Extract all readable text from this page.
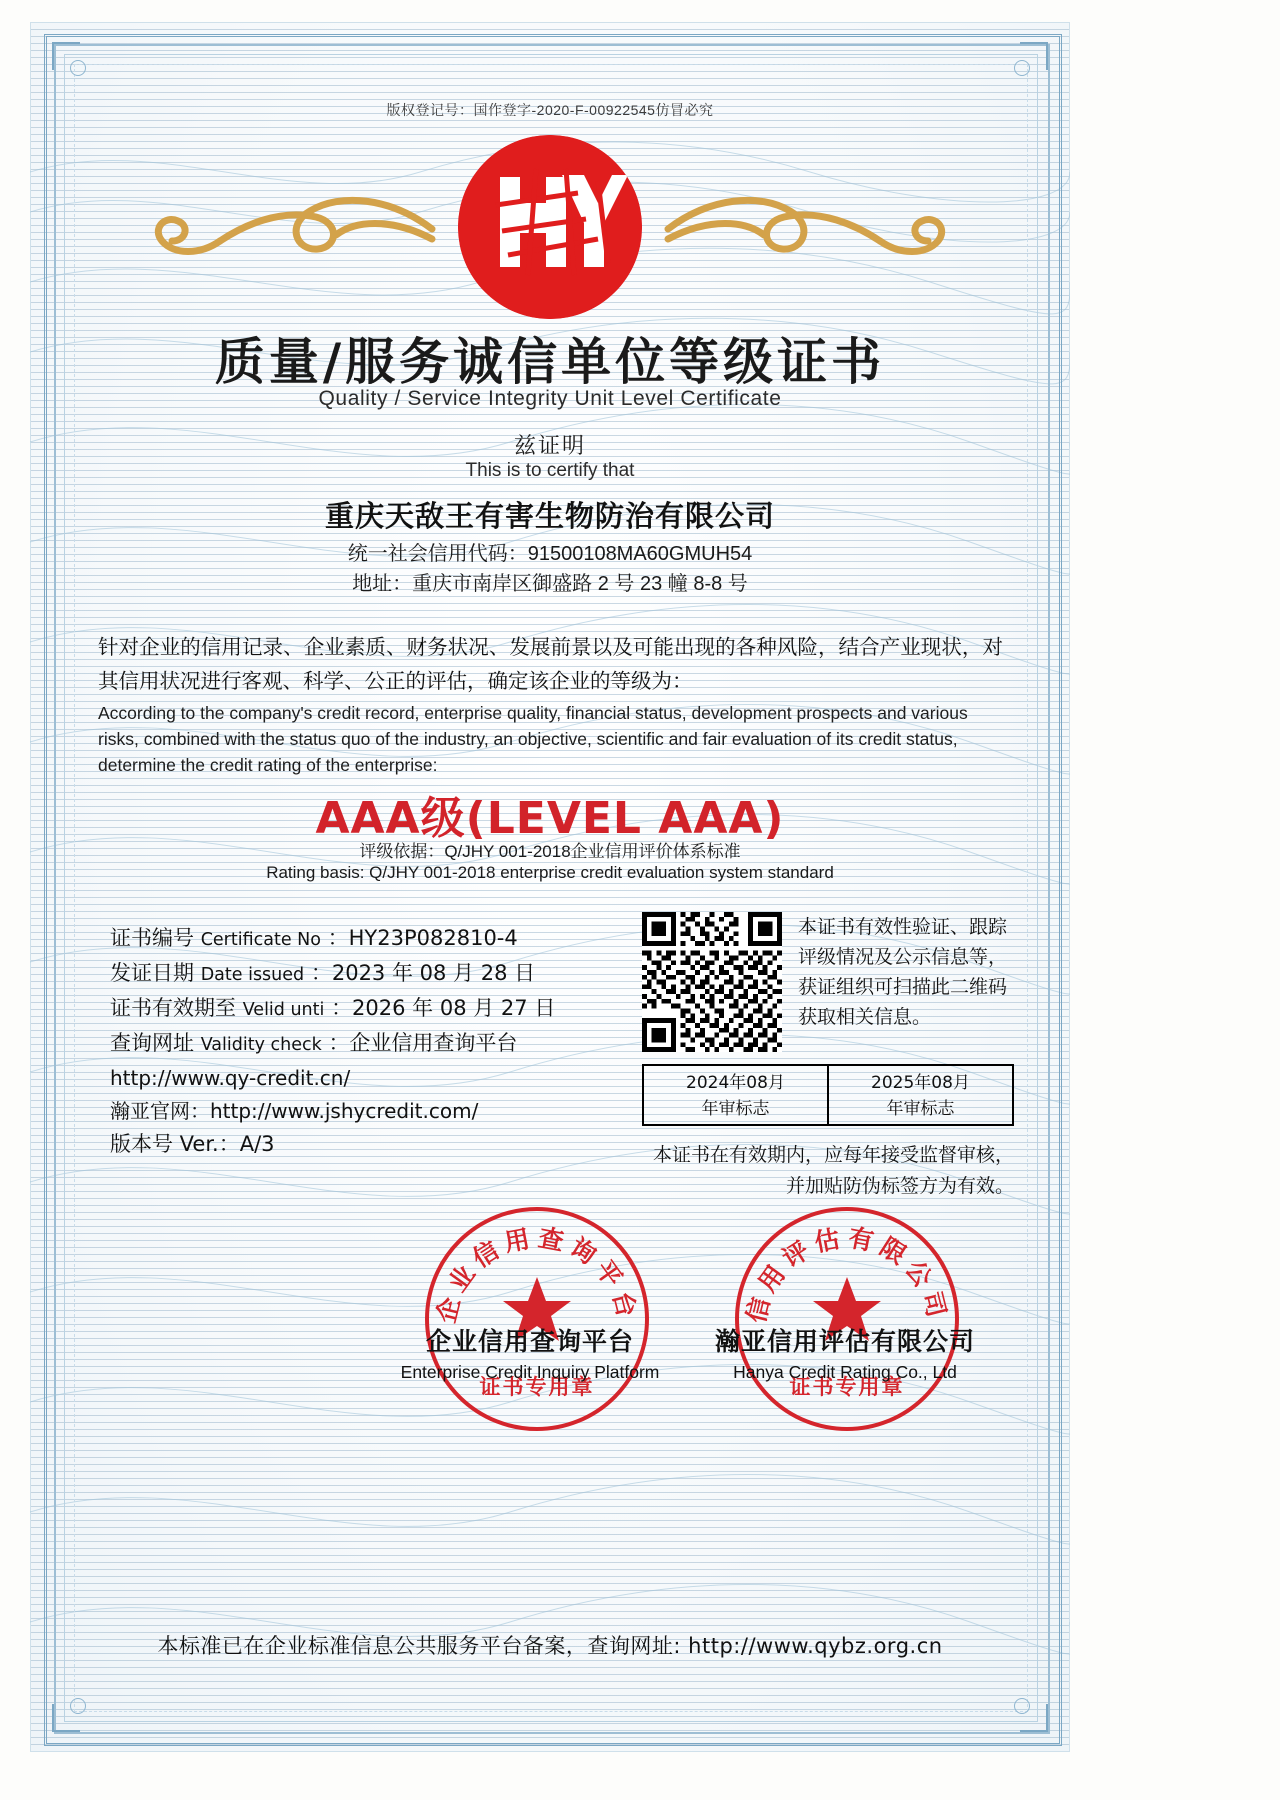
版权登记号：国作登字-2020-F-00922545仿冒必究
质量/服务诚信单位等级证书
Quality / Service Integrity Unit Level Certificate
兹证明
This is to certify that
重庆天敌王有害生物防治有限公司
统一社会信用代码：91500108MA60GMUH54
地址：重庆市南岸区御盛路 2 号 23 幢 8-8 号
针对企业的信用记录、企业素质、财务状况、发展前景以及可能出现的各种风险，结合产业现状，对其信用状况进行客观、科学、公正的评估，确定该企业的等级为：
According to the company's credit record, enterprise quality, financial status, development prospects and various risks, combined with the status quo of the industry, an objective, scientific and fair evaluation of its credit status, determine the credit rating of the enterprise:
AAA级(LEVEL AAA)
评级依据：Q/JHY 001-2018企业信用评价体系标准
Rating basis: Q/JHY 001-2018 enterprise credit evaluation system standard
证书编号 Certificate No ：HY23P082810-4
发证日期 Date issued ：2023 年 08 月 28 日
证书有效期至 Velid unti ：2026 年 08 月 27 日
查询网址 Validity check ：企业信用查询平台
http://www.qy-credit.cn/
瀚亚官网：http://www.jshycredit.com/
版本号 Ver.：A/3
本证书有效性验证、跟踪评级情况及公示信息等，获证组织可扫描此二维码获取相关信息。
2024年08月
年审标志
2025年08月
年审标志
本证书在有效期内，应每年接受监督审核，并加贴防伪标签方为有效。
企业信用查询平台
证书专用章
信用评估有限公司
证书专用章
企业信用查询平台
Enterprise Credit Inquiry Platform
瀚亚信用评估有限公司
Hanya Credit Rating Co., Ltd
本标准已在企业标准信息公共服务平台备案，查询网址: http://www.qybz.org.cn
